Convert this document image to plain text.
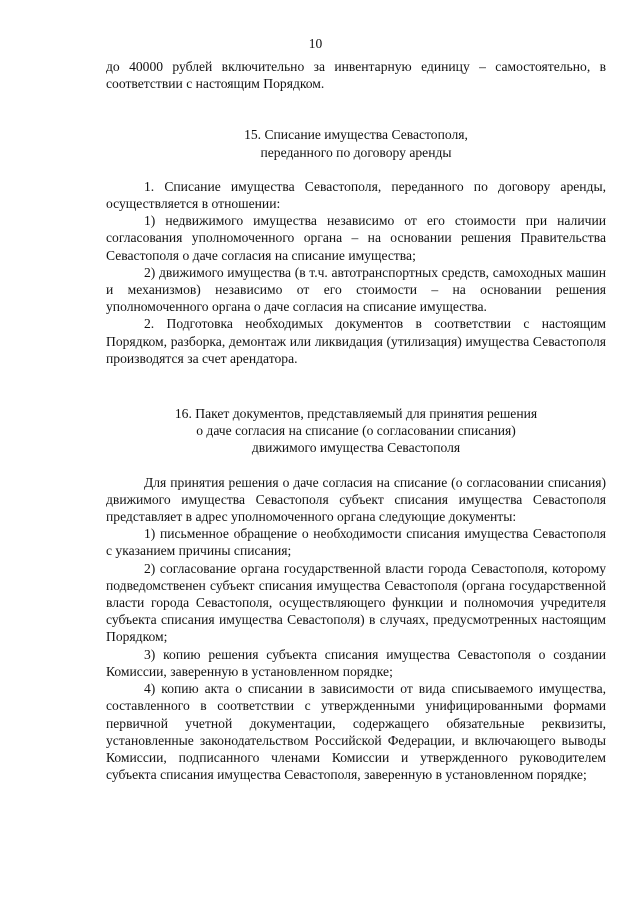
10

до 40000 рублей включительно за инвентарную единицу – самостоятельно, в соответствии с настоящим Порядком.

15. Списание имущества Севастополя,
переданного по договору аренды

1. Списание имущества Севастополя, переданного по договору аренды, осуществляется в отношении:

1) недвижимого имущества независимо от его стоимости при наличии согласования уполномоченного органа – на основании решения Правительства Севастополя о даче согласия на списание имущества;

2) движимого имущества (в т.ч. автотранспортных средств, самоходных машин и механизмов) независимо от его стоимости – на основании решения уполномоченного органа о даче согласия на списание имущества.

2. Подготовка необходимых документов в соответствии с настоящим Порядком, разборка, демонтаж или ликвидация (утилизация) имущества Севастополя производятся за счет арендатора.

16. Пакет документов, представляемый для принятия решения
о даче согласия на списание (о согласовании списания)
движимого имущества Севастополя

Для принятия решения о даче согласия на списание (о согласовании списания) движимого имущества Севастополя субъект списания имущества Севастополя представляет в адрес уполномоченного органа следующие документы:

1) письменное обращение о необходимости списания имущества Севастополя с указанием причины списания;

2) согласование органа государственной власти города Севастополя, которому подведомственен субъект списания имущества Севастополя (органа государственной власти города Севастополя, осуществляющего функции и полномочия учредителя субъекта списания имущества Севастополя) в случаях, предусмотренных настоящим Порядком;

3) копию решения субъекта списания имущества Севастополя о создании Комиссии, заверенную в установленном порядке;

4) копию акта о списании в зависимости от вида списываемого имущества, составленного в соответствии с утвержденными унифицированными формами первичной учетной документации, содержащего обязательные реквизиты, установленные законодательством Российской Федерации, и включающего выводы Комиссии, подписанного членами Комиссии и утвержденного руководителем субъекта списания имущества Севастополя, заверенную в установленном порядке;
